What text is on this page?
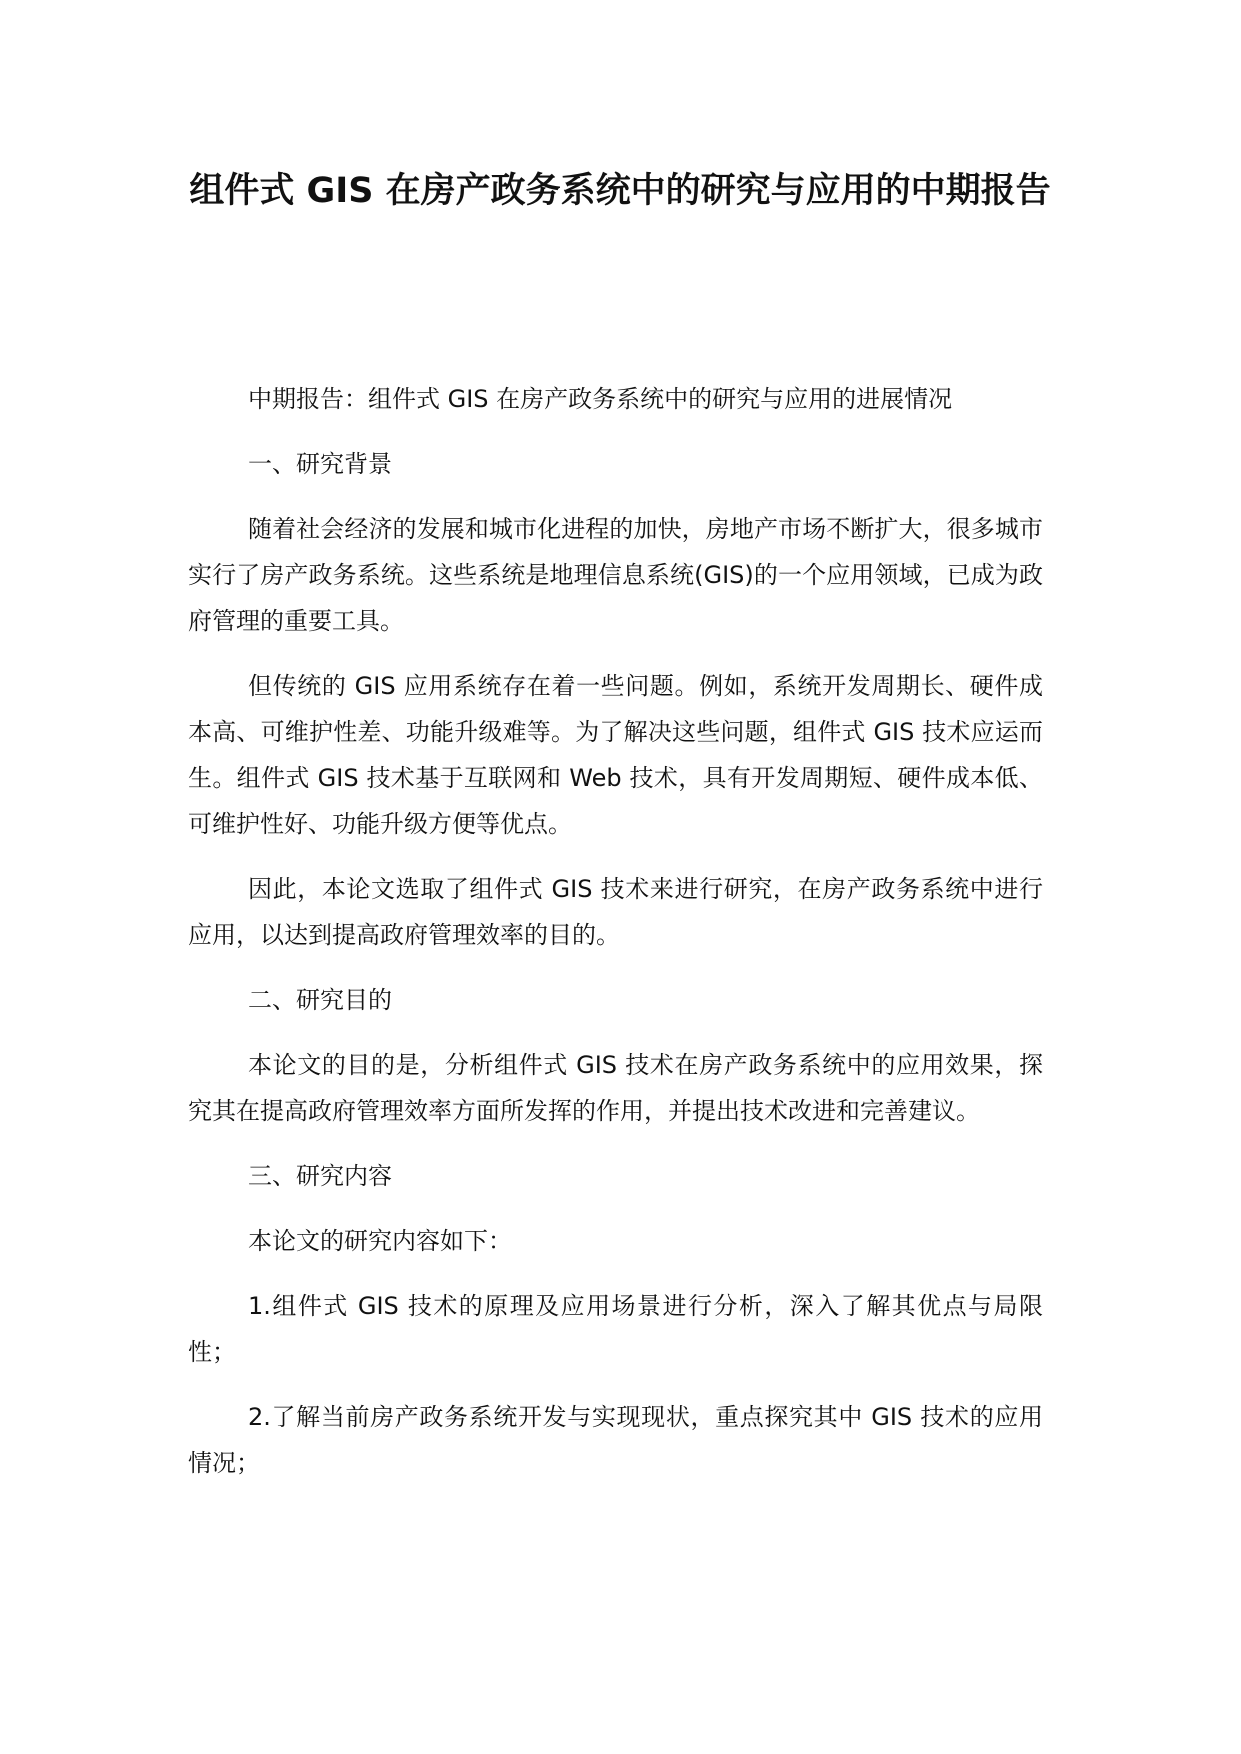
组件式 GIS 在房产政务系统中的研究与应用的中期报告

中期报告：组件式 GIS 在房产政务系统中的研究与应用的进展情况

一、研究背景

随着社会经济的发展和城市化进程的加快，房地产市场不断扩大，很多城市实行了房产政务系统。这些系统是地理信息系统(GIS)的一个应用领域，已成为政府管理的重要工具。

但传统的 GIS 应用系统存在着一些问题。例如，系统开发周期长、硬件成本高、可维护性差、功能升级难等。为了解决这些问题，组件式 GIS 技术应运而生。组件式 GIS 技术基于互联网和 Web 技术，具有开发周期短、硬件成本低、可维护性好、功能升级方便等优点。

因此，本论文选取了组件式 GIS 技术来进行研究，在房产政务系统中进行应用，以达到提高政府管理效率的目的。

二、研究目的

本论文的目的是，分析组件式 GIS 技术在房产政务系统中的应用效果，探究其在提高政府管理效率方面所发挥的作用，并提出技术改进和完善建议。

三、研究内容

本论文的研究内容如下：

1.组件式 GIS 技术的原理及应用场景进行分析，深入了解其优点与局限性；

2.了解当前房产政务系统开发与实现现状，重点探究其中 GIS 技术的应用情况；
